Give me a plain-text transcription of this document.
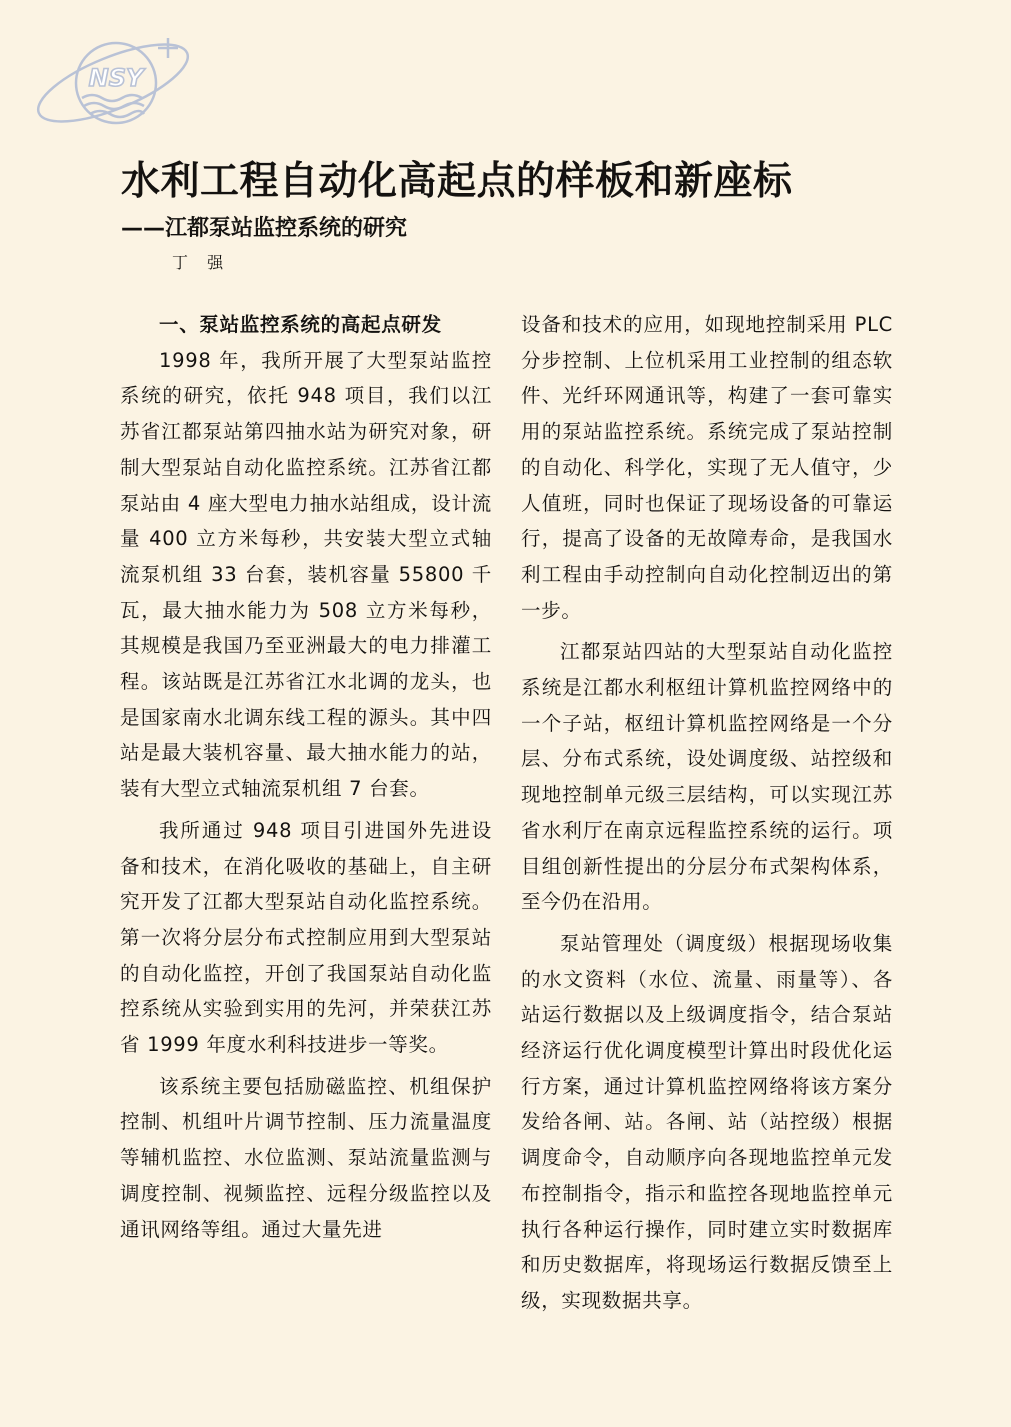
NSY
水利工程自动化高起点的样板和新座标
——江都泵站监控系统的研究
丁 强
一、泵站监控系统的高起点研发

1998 年，我所开展了大型泵站监控系统的研究，依托 948 项目，我们以江苏省江都泵站第四抽水站为研究对象，研制大型泵站自动化监控系统。江苏省江都泵站由 4 座大型电力抽水站组成，设计流量 400 立方米每秒，共安装大型立式轴流泵机组 33 台套，装机容量 55800 千瓦，最大抽水能力为 508 立方米每秒，其规模是我国乃至亚洲最大的电力排灌工程。该站既是江苏省江水北调的龙头，也是国家南水北调东线工程的源头。其中四站是最大装机容量、最大抽水能力的站，装有大型立式轴流泵机组 7 台套。

我所通过 948 项目引进国外先进设备和技术，在消化吸收的基础上，自主研究开发了江都大型泵站自动化监控系统。第一次将分层分布式控制应用到大型泵站的自动化监控，开创了我国泵站自动化监控系统从实验到实用的先河，并荣获江苏省 1999 年度水利科技进步一等奖。

该系统主要包括励磁监控、机组保护控制、机组叶片调节控制、压力流量温度等辅机监控、水位监测、泵站流量监测与调度控制、视频监控、远程分级监控以及通讯网络等组。通过大量先进

设备和技术的应用，如现地控制采用 PLC 分步控制、上位机采用工业控制的组态软件、光纤环网通讯等，构建了一套可靠实用的泵站监控系统。系统完成了泵站控制的自动化、科学化，实现了无人值守，少人值班，同时也保证了现场设备的可靠运行，提高了设备的无故障寿命，是我国水利工程由手动控制向自动化控制迈出的第一步。

江都泵站四站的大型泵站自动化监控系统是江都水利枢纽计算机监控网络中的一个子站，枢纽计算机监控网络是一个分层、分布式系统，设处调度级、站控级和现地控制单元级三层结构，可以实现江苏省水利厅在南京远程监控系统的运行。项目组创新性提出的分层分布式架构体系，至今仍在沿用。

泵站管理处（调度级）根据现场收集的水文资料（水位、流量、雨量等）、各站运行数据以及上级调度指令，结合泵站经济运行优化调度模型计算出时段优化运行方案，通过计算机监控网络将该方案分发给各闸、站。各闸、站（站控级）根据调度命令，自动顺序向各现地监控单元发布控制指令，指示和监控各现地监控单元执行各种运行操作，同时建立实时数据库和历史数据库，将现场运行数据反馈至上级，实现数据共享。
